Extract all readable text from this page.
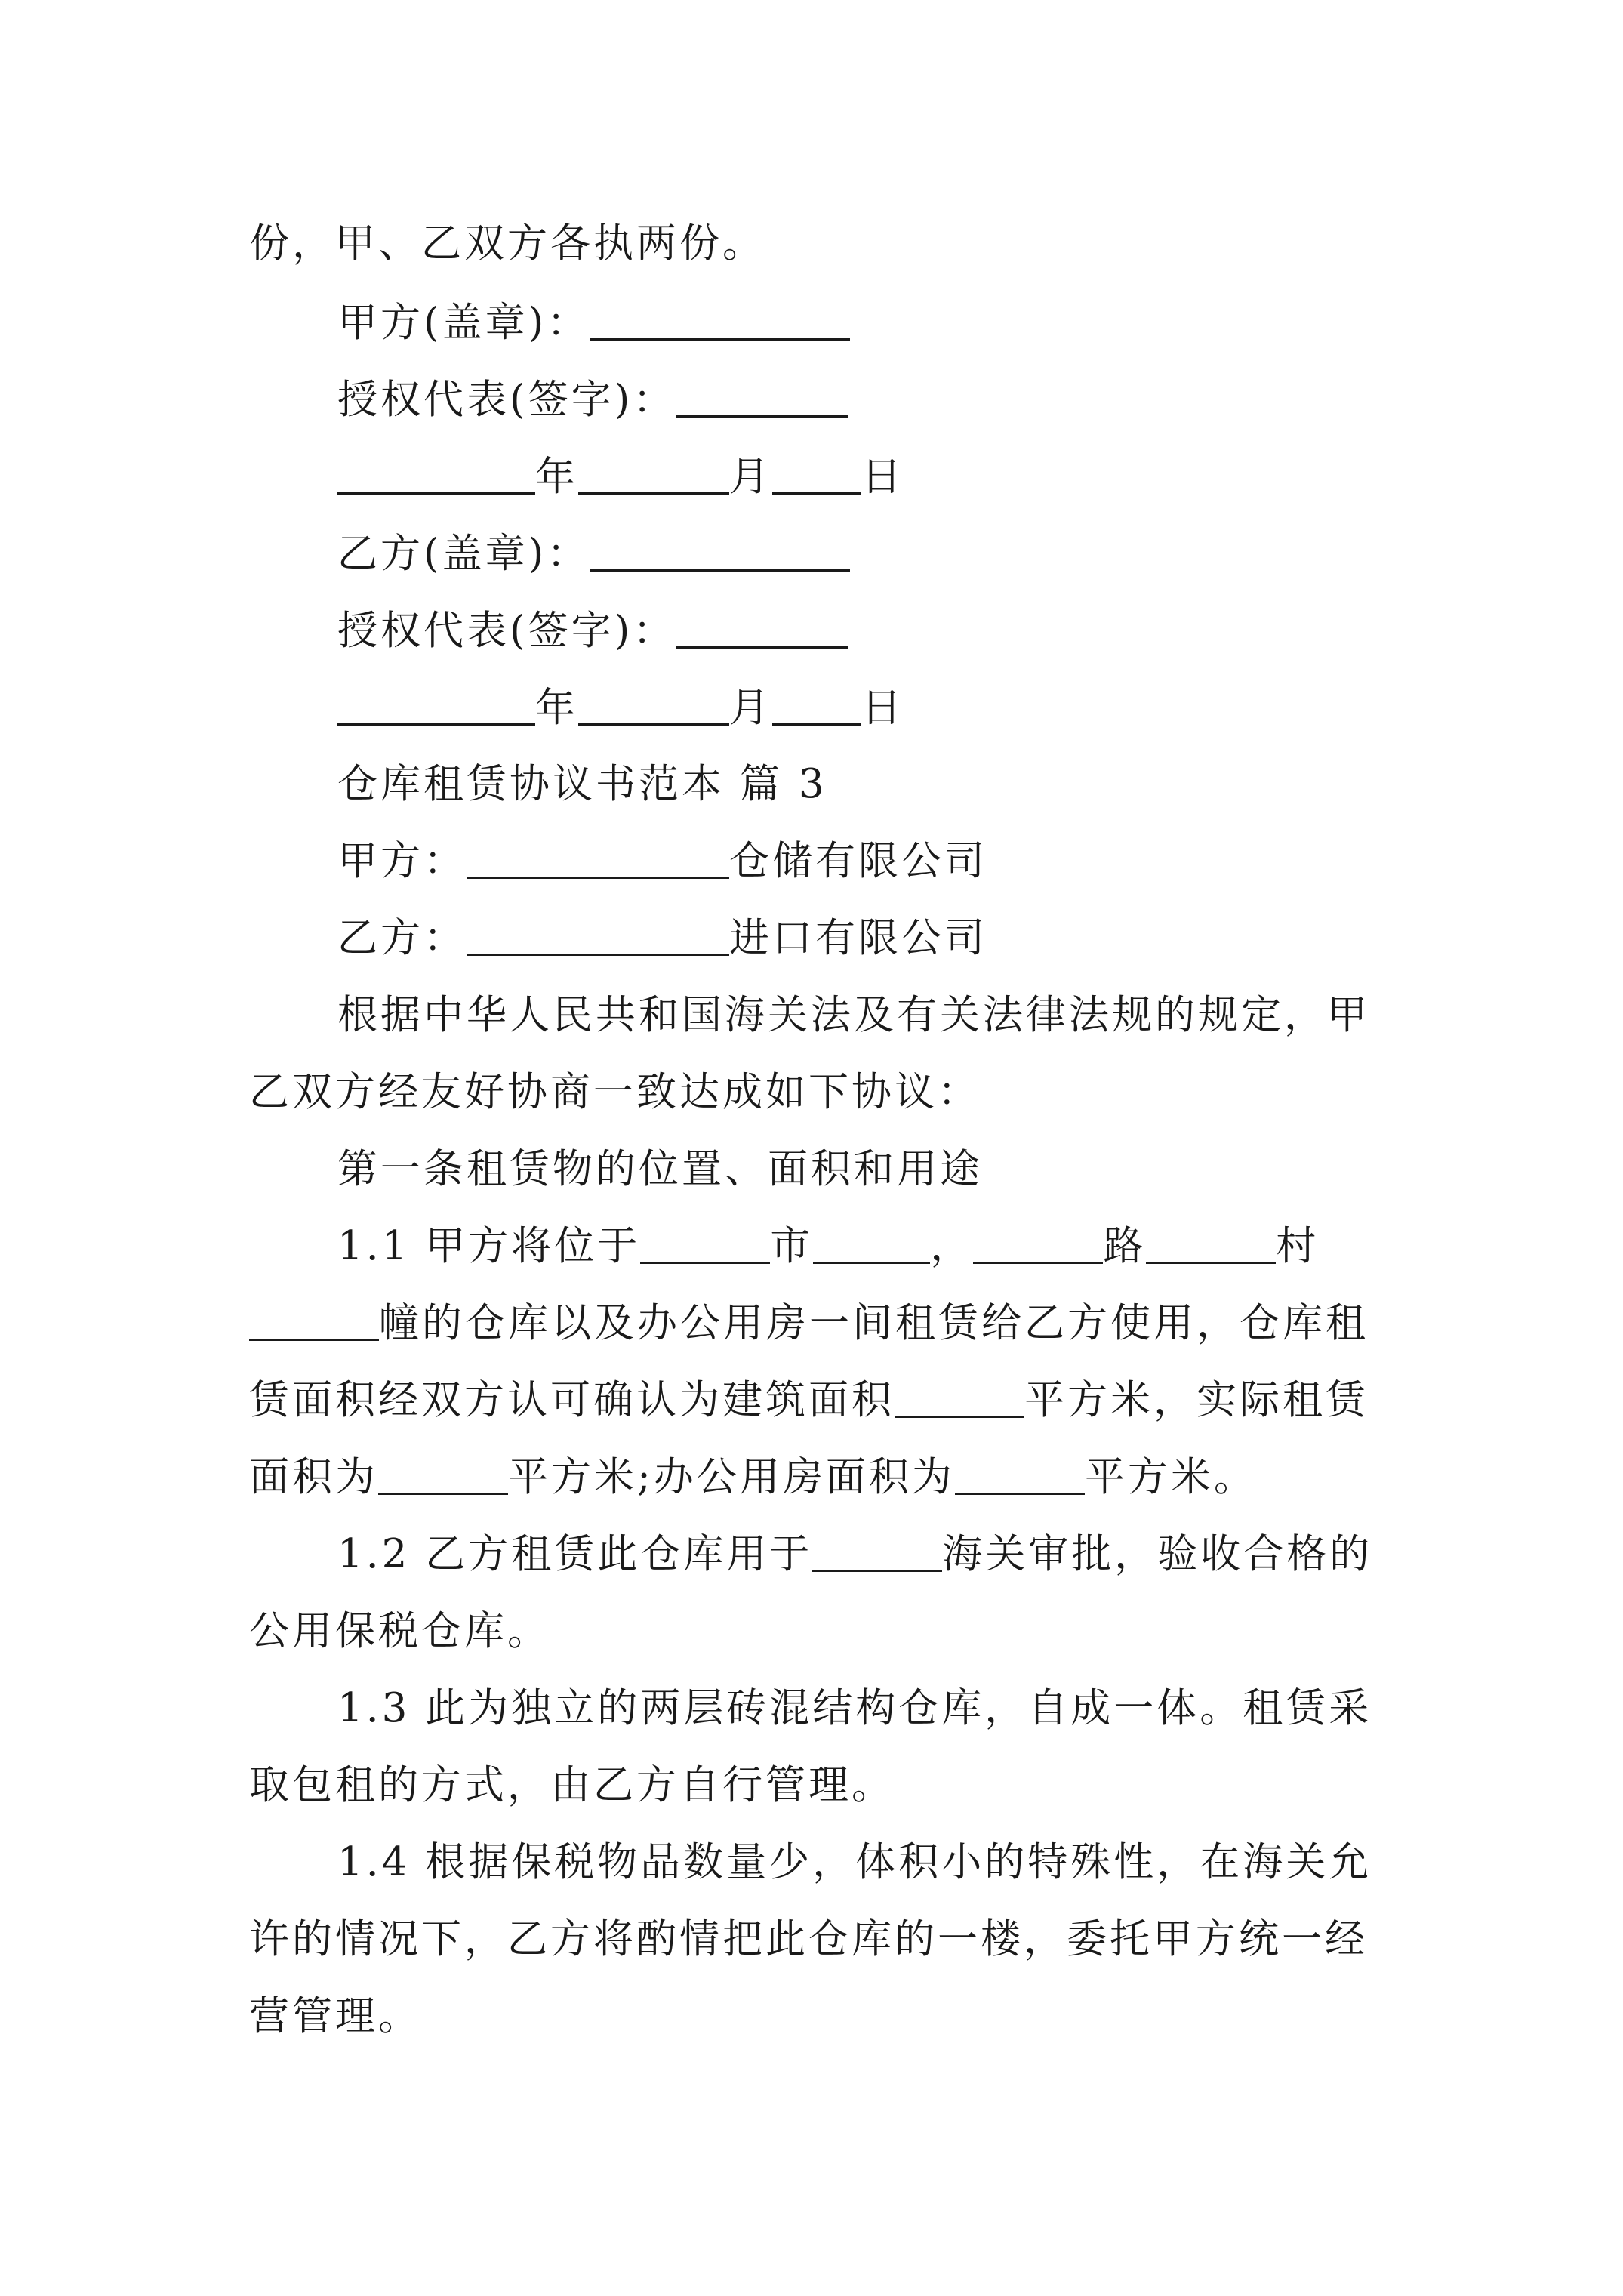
份，甲、乙双方各执两份。
甲方(盖章)：
授权代表(签字)：
年	月 日
乙方(盖章)：
授权代表(签字)：
年	月 日
仓库租赁协议书范本 篇 3
甲方：	仓储有限公司
乙方：	进口有限公司
根据中华人民共和国海关法及有关法律法规的规定，甲
乙双方经友好协商一致达成如下协议：
第一条租赁物的位置、面积和用途
1.1 甲方将位于	市	，	路	村
幢的仓库以及办公用房一间租赁给乙方使用，仓库租
赁面积经双方认可确认为建筑面积	平方米，实际租赁
面积为	平方米;办公用房面积为	平方米。
1.2 乙方租赁此仓库用于	海关审批，验收合格的
公用保税仓库。
1.3 此为独立的两层砖混结构仓库，自成一体。租赁采
取包租的方式，由乙方自行管理。
1.4 根据保税物品数量少，体积小的特殊性，在海关允
许的情况下，乙方将酌情把此仓库的一楼，委托甲方统一经
营管理。
